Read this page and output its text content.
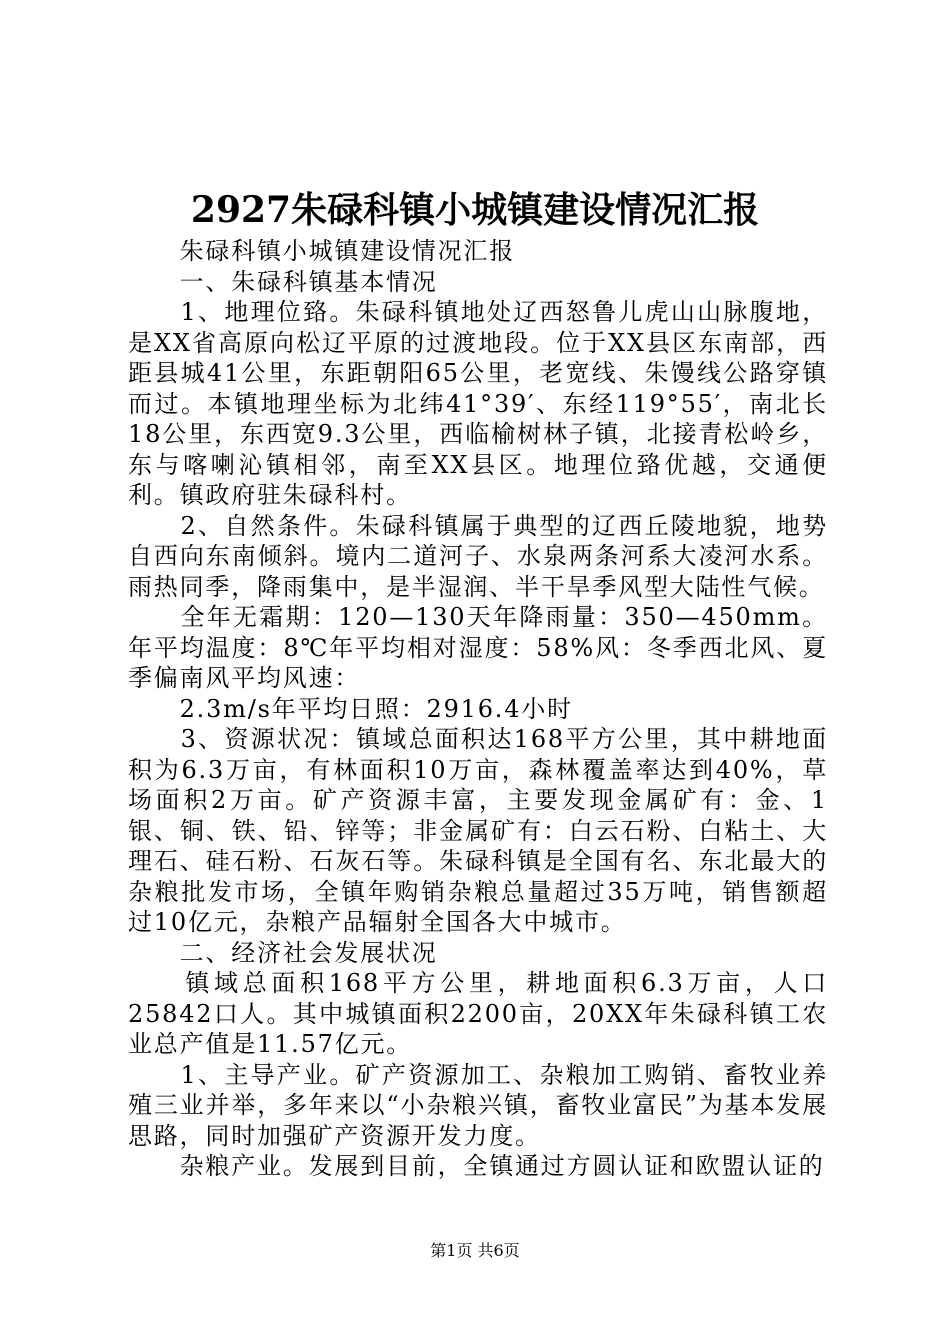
2927朱碌科镇小城镇建设情况汇报

　　朱碌科镇小城镇建设情况汇报

　　一、朱碌科镇基本情况

　　1、地理位臵。朱碌科镇地处辽西怒鲁儿虎山山脉腹地，是XX省高原向松辽平原的过渡地段。位于XX县区东南部，西距县城41公里，东距朝阳65公里，老宽线、朱馒线公路穿镇而过。本镇地理坐标为北纬41°39′、东经119°55′，南北长18公里，东西宽9.3公里，西临榆树林子镇，北接青松岭乡，东与喀喇沁镇相邻，南至XX县区。地理位臵优越，交通便利。镇政府驻朱碌科村。

　　2、自然条件。朱碌科镇属于典型的辽西丘陵地貌，地势自西向东南倾斜。境内二道河子、水泉两条河系大凌河水系。雨热同季，降雨集中，是半湿润、半干旱季风型大陆性气候。

　　全年无霜期：120—130天年降雨量：350—450mm。年平均温度：8℃年平均相对湿度：58%风：冬季西北风、夏季偏南风平均风速：

　　2.3m/s年平均日照：2916.4小时

　　3、资源状况：镇域总面积达168平方公里，其中耕地面积为6.3万亩，有林面积10万亩，森林覆盖率达到40%，草场面积2万亩。矿产资源丰富，主要发现金属矿有：金、1银、铜、铁、铅、锌等；非金属矿有：白云石粉、白粘土、大理石、硅石粉、石灰石等。朱碌科镇是全国有名、东北最大的杂粮批发市场，全镇年购销杂粮总量超过35万吨，销售额超过10亿元，杂粮产品辐射全国各大中城市。

　　二、经济社会发展状况

　　镇域总面积168平方公里，耕地面积6.3万亩，人口25842口人。其中城镇面积2200亩，20XX年朱碌科镇工农业总产值是11.57亿元。

　　1、主导产业。矿产资源加工、杂粮加工购销、畜牧业养殖三业并举，多年来以“小杂粮兴镇，畜牧业富民”为基本发展思路，同时加强矿产资源开发力度。

　　杂粮产业。发展到目前，全镇通过方圆认证和欧盟认证的

第1页 共6页
